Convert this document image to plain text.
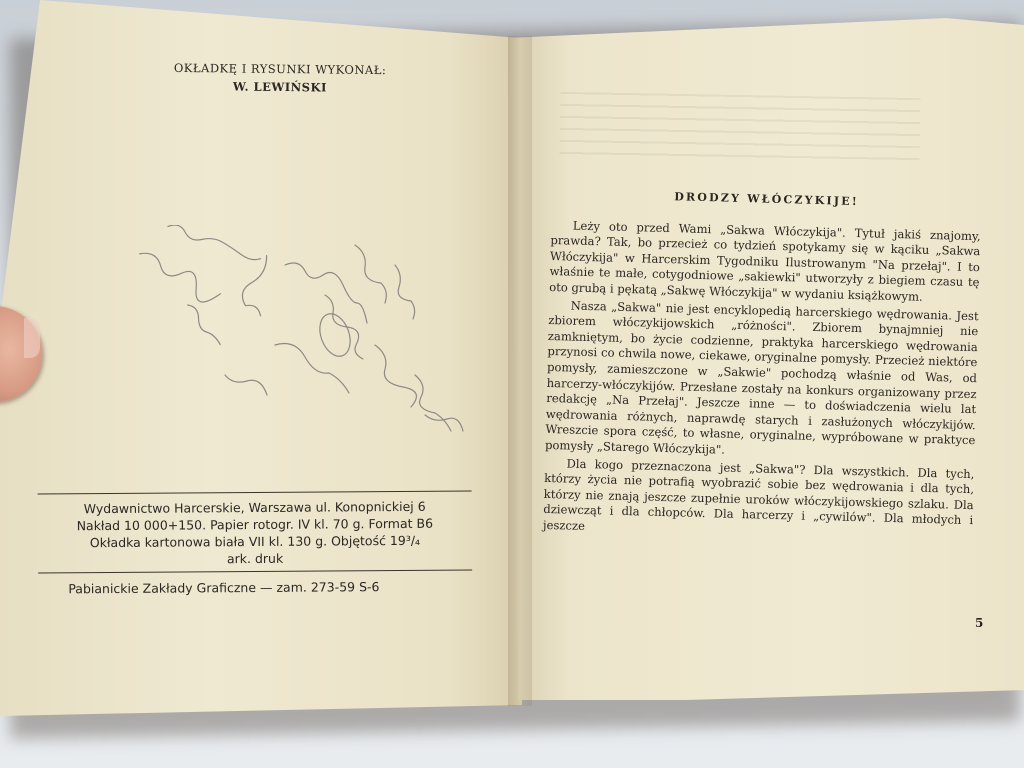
OKŁADKĘ I RYSUNKI WYKONAŁ:
W. LEWIŃSKI

Wydawnictwo Harcerskie, Warszawa ul. Konopnickiej 6
Nakład 10 000+150. Papier rotogr. IV kl. 70 g. Format B6
Okładka kartonowa biała VII kl. 130 g. Objętość 19³/₄
ark. druk
Pabianickie Zakłady Graficzne — zam. 273-59 S-6
DRODZY WŁÓCZYKIJE!

Leży oto przed Wami „Sakwa Włóczykija". Tytuł jakiś znajomy, prawda? Tak, bo przecież co tydzień spotykamy się w kąciku „Sakwa Włóczykija" w Harcerskim Tygodniku Ilustrowanym "Na przełaj". I to właśnie te małe, cotygodniowe „sakiewki" utworzyły z biegiem czasu tę oto grubą i pękatą „Sakwę Włóczykija" w wydaniu książkowym.

Nasza „Sakwa" nie jest encyklopedią harcerskiego wędrowania. Jest zbiorem włóczykijowskich „różności". Zbiorem bynajmniej nie zamkniętym, bo życie codzienne, praktyka harcerskiego wędrowania przynosi co chwila nowe, ciekawe, oryginalne pomysły. Przecież niektóre pomysły, zamieszczone w „Sakwie" pochodzą właśnie od Was, od harcerzy-włóczykijów. Przesłane zostały na konkurs organizowany przez redakcję „Na Przełaj". Jeszcze inne — to doświadczenia wielu lat wędrowania różnych, naprawdę starych i zasłużonych włóczykijów. Wreszcie spora część, to własne, oryginalne, wypróbowane w praktyce pomysły „Starego Włóczykija".

Dla kogo przeznaczona jest „Sakwa"? Dla wszystkich. Dla tych, którzy życia nie potrafią wyobrazić sobie bez wędrowania i dla tych, którzy nie znają jeszcze zupełnie uroków włóczykijowskiego szlaku. Dla dziewcząt i dla chłopców. Dla harcerzy i „cywilów". Dla młodych i jeszcze

5
